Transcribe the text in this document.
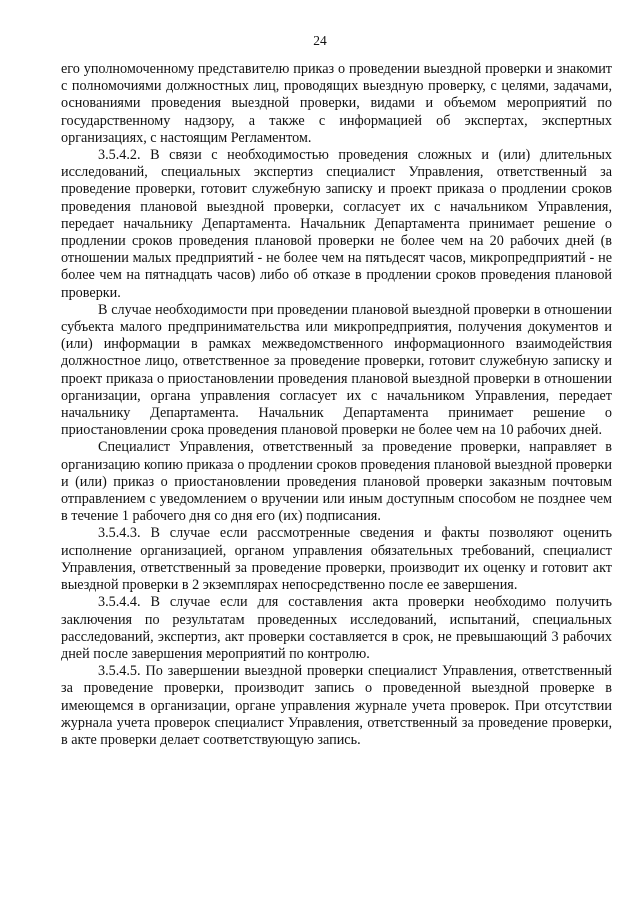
24

его уполномоченному представителю приказ о проведении выездной проверки и знакомит с полномочиями должностных лиц, проводящих выездную проверку, с целями, задачами, основаниями проведения выездной проверки, видами и объемом мероприятий по государственному надзору, а также с информацией об экспертах, экспертных организациях, с настоящим Регламентом.

3.5.4.2. В связи с необходимостью проведения сложных и (или) длительных исследований, специальных экспертиз специалист Управления, ответственный за проведение проверки, готовит служебную записку и проект приказа о продлении сроков проведения плановой выездной проверки, согласует их с начальником Управления, передает начальнику Департамента. Начальник Департамента принимает решение о продлении сроков проведения плановой проверки не более чем на 20 рабочих дней (в отношении малых предприятий - не более чем на пятьдесят часов, микропредприятий - не более чем на пятнадцать часов) либо об отказе в продлении сроков проведения плановой проверки.

В случае необходимости при проведении плановой выездной проверки в отношении субъекта малого предпринимательства или микропредприятия, получения документов и (или) информации в рамках межведомственного информационного взаимодействия должностное лицо, ответственное за проведение проверки, готовит служебную записку и проект приказа о приостановлении проведения плановой выездной проверки в отношении организации, органа управления согласует их с начальником Управления, передает начальнику Департамента. Начальник Департамента принимает решение о приостановлении срока проведения плановой проверки не более чем на 10 рабочих дней.

Специалист Управления, ответственный за проведение проверки, направляет в организацию копию приказа о продлении сроков проведения плановой выездной проверки и (или) приказ о приостановлении проведения плановой проверки заказным почтовым отправлением с уведомлением о вручении или иным доступным способом не позднее чем в течение 1 рабочего дня со дня его (их) подписания.

3.5.4.3. В случае если рассмотренные сведения и факты позволяют оценить исполнение организацией, органом управления обязательных требований, специалист Управления, ответственный за проведение проверки, производит их оценку и готовит акт выездной проверки в 2 экземплярах непосредственно после ее завершения.

3.5.4.4. В случае если для составления акта проверки необходимо получить заключения по результатам проведенных исследований, испытаний, специальных расследований, экспертиз, акт проверки составляется в срок, не превышающий 3 рабочих дней после завершения мероприятий по контролю.

3.5.4.5. По завершении выездной проверки специалист Управления, ответственный за проведение проверки, производит запись о проведенной выездной проверке в имеющемся в организации, органе управления журнале учета проверок. При отсутствии журнала учета проверок специалист Управления, ответственный за проведение проверки, в акте проверки делает соответствующую запись.
